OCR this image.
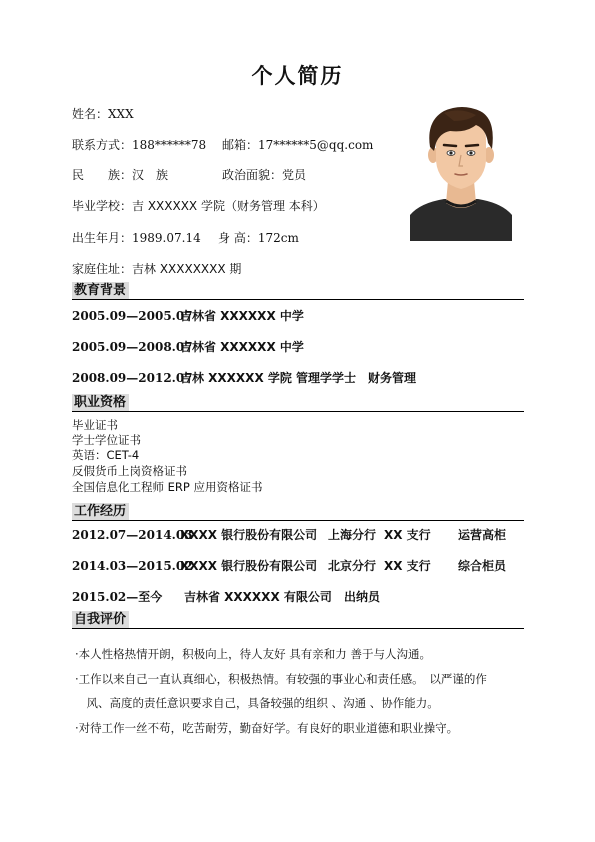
个人简历
姓名：XXX
联系方式：188******78 邮箱：17******5@qq.com
民　　族：汉　族	政治面貌：党员
毕业学校：吉 XXXXXX 学院（财务管理 本科）
出生年月：1989.07.14 身 高：172cm
家庭住址：吉林 XXXXXXXX 期
教育背景
2005.09—2005.07
吉林省 XXXXXX 中学
2005.09—2008.07
吉林省 XXXXXX 中学
2008.09—2012.07
吉林 XXXXXX 学院 管理学学士 财务管理
职业资格
毕业证书
学士学位证书
英语：CET-4
反假货币上岗资格证书
全国信息化工程师 ERP 应用资格证书
工作经历
2012.07—2014.03
XXXX 银行股份有限公司 上海分行 XX 支行 运营高柜
2014.03—2015.02
XXXX 银行股份有限公司 北京分行 XX 支行 综合柜员
2015.02—至今 吉林省 XXXXXX 有限公司 出纳员
自我评价
·本人性格热情开朗，积极向上，待人友好 具有亲和力 善于与人沟通。
·工作以来自己一直认真细心，积极热情。有较强的事业心和责任感。　以严谨的作
　风、高度的责任意识要求自己，具备较强的组织 、沟通 、协作能力。
·对待工作一丝不苟，吃苦耐劳，勤奋好学。有良好的职业道德和职业操守。
